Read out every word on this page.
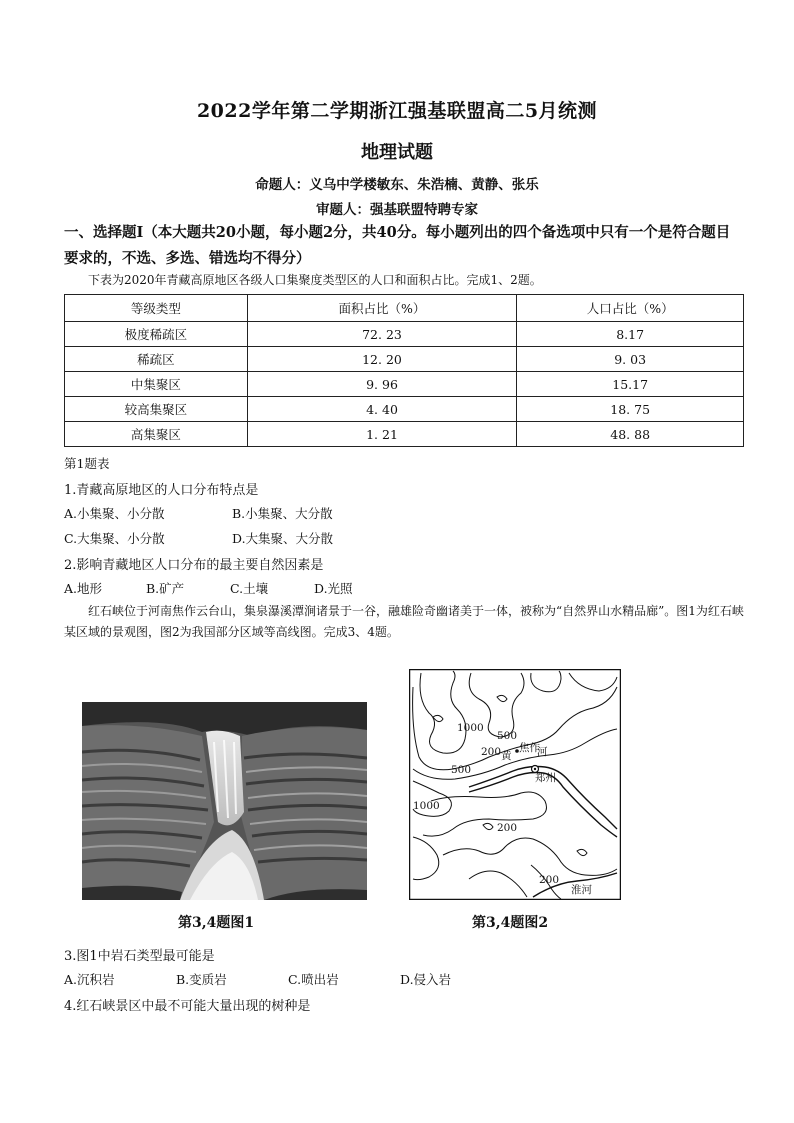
2022学年第二学期浙江强基联盟高二5月统测
地理试题
命题人：义乌中学楼敏东、朱浩楠、黄静、张乐
审题人：强基联盟特聘专家
一、选择题Ⅰ（本大题共20小题，每小题2分，共40分。每小题列出的四个备选项中只有一个是符合题目要求的，不选、多选、错选均不得分）
下表为2020年青藏高原地区各级人口集聚度类型区的人口和面积占比。完成1、2题。
等级类型	面积占比（%）	人口占比（%）
极度稀疏区	72. 23	8.17
稀疏区	12. 20	9. 03
中集聚区	9. 96	15.17
较高集聚区	4. 40	18. 75
高集聚区	1. 21	48. 88
第1题表
1.青藏高原地区的人口分布特点是
A.小集聚、小分散	B.小集聚、大分散
C.大集聚、小分散	D.大集聚、大分散
2.影响青藏地区人口分布的最主要自然因素是
A.地形	B.矿产	C.土壤	D.光照
红石峡位于河南焦作云台山，集泉瀑溪潭涧诸景于一谷，融雄险奇幽诸美于一体，被称为“自然界山水精品廊”。图1为红石峡某区域的景观图，图2为我国部分区域等高线图。完成3、4题。
1000
500
焦作
200 黄 河
500
郑州
1000
200
200
淮河
第3,4题图1	第3,4题图2
3.图1中岩石类型最可能是
A.沉积岩	B.变质岩	C.喷出岩	D.侵入岩
4.红石峡景区中最不可能大量出现的树种是
